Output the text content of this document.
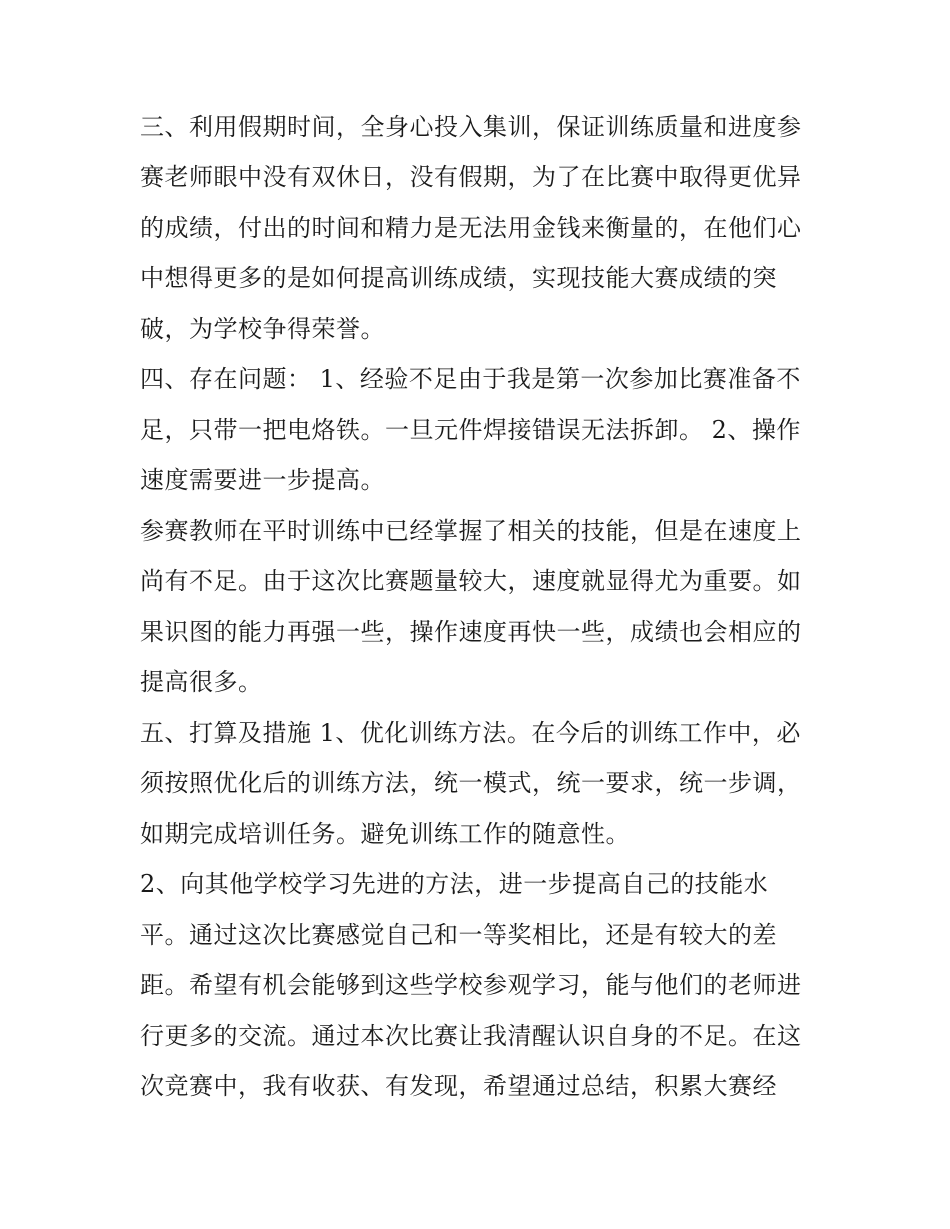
三、利用假期时间，全身心投入集训，保证训练质量和进度参
赛老师眼中没有双休日，没有假期，为了在比赛中取得更优异
的成绩，付出的时间和精力是无法用金钱来衡量的，在他们心
中想得更多的是如何提高训练成绩，实现技能大赛成绩的突
破，为学校争得荣誉。
四、存在问题： 1、经验不足由于我是第一次参加比赛准备不
足，只带一把电烙铁。一旦元件焊接错误无法拆卸。 2、操作
速度需要进一步提高。
参赛教师在平时训练中已经掌握了相关的技能，但是在速度上
尚有不足。由于这次比赛题量较大，速度就显得尤为重要。如
果识图的能力再强一些，操作速度再快一些，成绩也会相应的
提高很多。
五、打算及措施 1、优化训练方法。在今后的训练工作中，必
须按照优化后的训练方法，统一模式，统一要求，统一步调，
如期完成培训任务。避免训练工作的随意性。
2、向其他学校学习先进的方法，进一步提高自己的技能水
平。通过这次比赛感觉自己和一等奖相比，还是有较大的差
距。希望有机会能够到这些学校参观学习，能与他们的老师进
行更多的交流。通过本次比赛让我清醒认识自身的不足。在这
次竞赛中，我有收获、有发现，希望通过总结，积累大赛经
